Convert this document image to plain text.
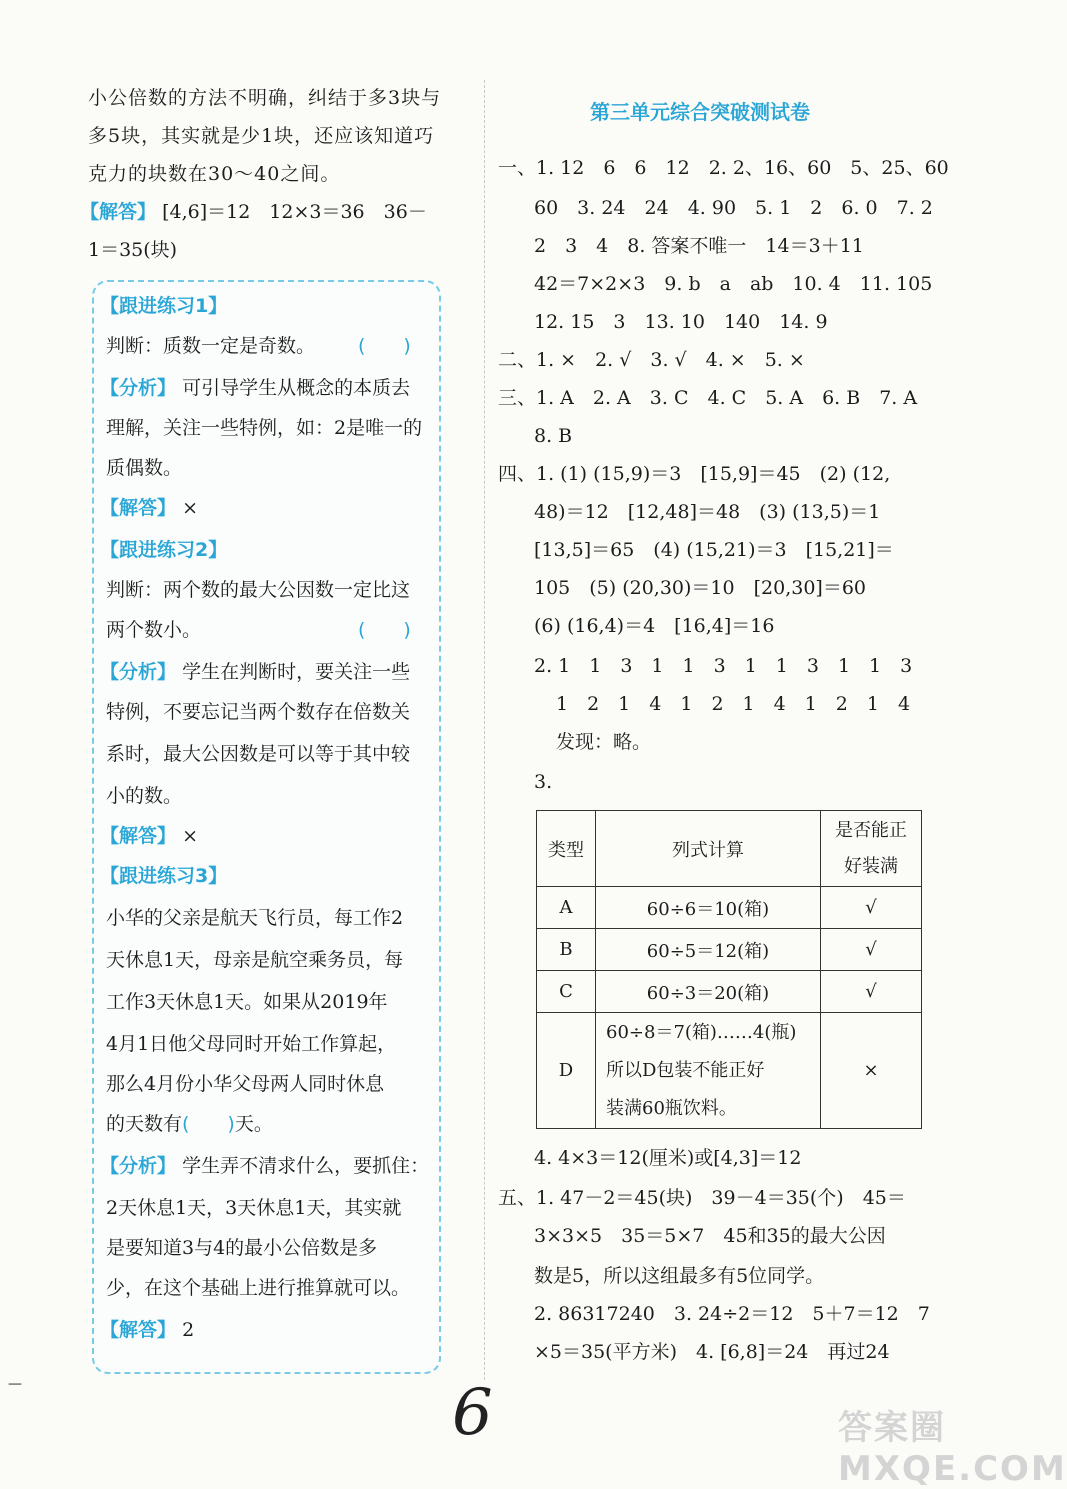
小公倍数的方法不明确，纠结于多3块与
多5块，其实就是少1块，还应该知道巧
克力的块数在30～40之间。
【解答】 [4,6]＝12　12×3＝36　36－
1＝35(块)
【跟进练习1】
判断：质数一定是奇数。 (　　)
【分析】 可引导学生从概念的本质去
理解，关注一些特例，如：2是唯一的
质偶数。
【解答】 ×
【跟进练习2】
判断：两个数的最大公因数一定比这
两个数小。	(　　)
【分析】 学生在判断时，要关注一些
特例，不要忘记当两个数存在倍数关
系时，最大公因数是可以等于其中较
小的数。
【解答】 ×
【跟进练习3】
小华的父亲是航天飞行员，每工作2
天休息1天，母亲是航空乘务员，每
工作3天休息1天。如果从2019年
4月1日他父母同时开始工作算起，
那么4月份小华父母两人同时休息
的天数有(　　)天。
【分析】 学生弄不清求什么，要抓住：
2天休息1天，3天休息1天，其实就
是要知道3与4的最小公倍数是多
少，在这个基础上进行推算就可以。
【解答】 2
第三单元综合突破测试卷
一、1. 12　6　6　12　2. 2、16、60　5、25、60
60　3. 24　24　4. 90　5. 1　2　6. 0　7. 2
2　3　4　8. 答案不唯一　14＝3＋11
42＝7×2×3　9. b　a　ab　10. 4　11. 105
12. 15　3　13. 10　140　14. 9
二、1. ×　2. √　3. √　4. ×　5. ×
三、1. A　2. A　3. C　4. C　5. A　6. B　7. A
8. B
四、1. (1) (15,9)＝3　[15,9]＝45　(2) (12,
48)＝12　[12,48]＝48　(3) (13,5)＝1
[13,5]＝65　(4) (15,21)＝3　[15,21]＝
105　(5) (20,30)＝10　[20,30]＝60
(6) (16,4)＝4　[16,4]＝16
2. 1　1　3　1　1　3　1　1　3　1　1　3
1　2　1　4　1　2　1　4　1　2　1　4
发现：略。
3.
类型	列式计算	是否能正
好装满

A	60÷6＝10(箱)	√
B	60÷5＝12(箱)	√
C	60÷3＝20(箱)	√
D	60÷8＝7(箱)……4(瓶)
所以D包装不能正好
装满60瓶饮料。	×
4. 4×3＝12(厘米)或[4,3]＝12
五、1. 47－2＝45(块)　39－4＝35(个)　45＝
3×3×5　35＝5×7　45和35的最大公因
数是5，所以这组最多有5位同学。
2. 86317240　3. 24÷2＝12　5＋7＝12　7
×5＝35(平方米)　4. [6,8]＝24　再过24
—	6	答案圈 MXQE.COM
